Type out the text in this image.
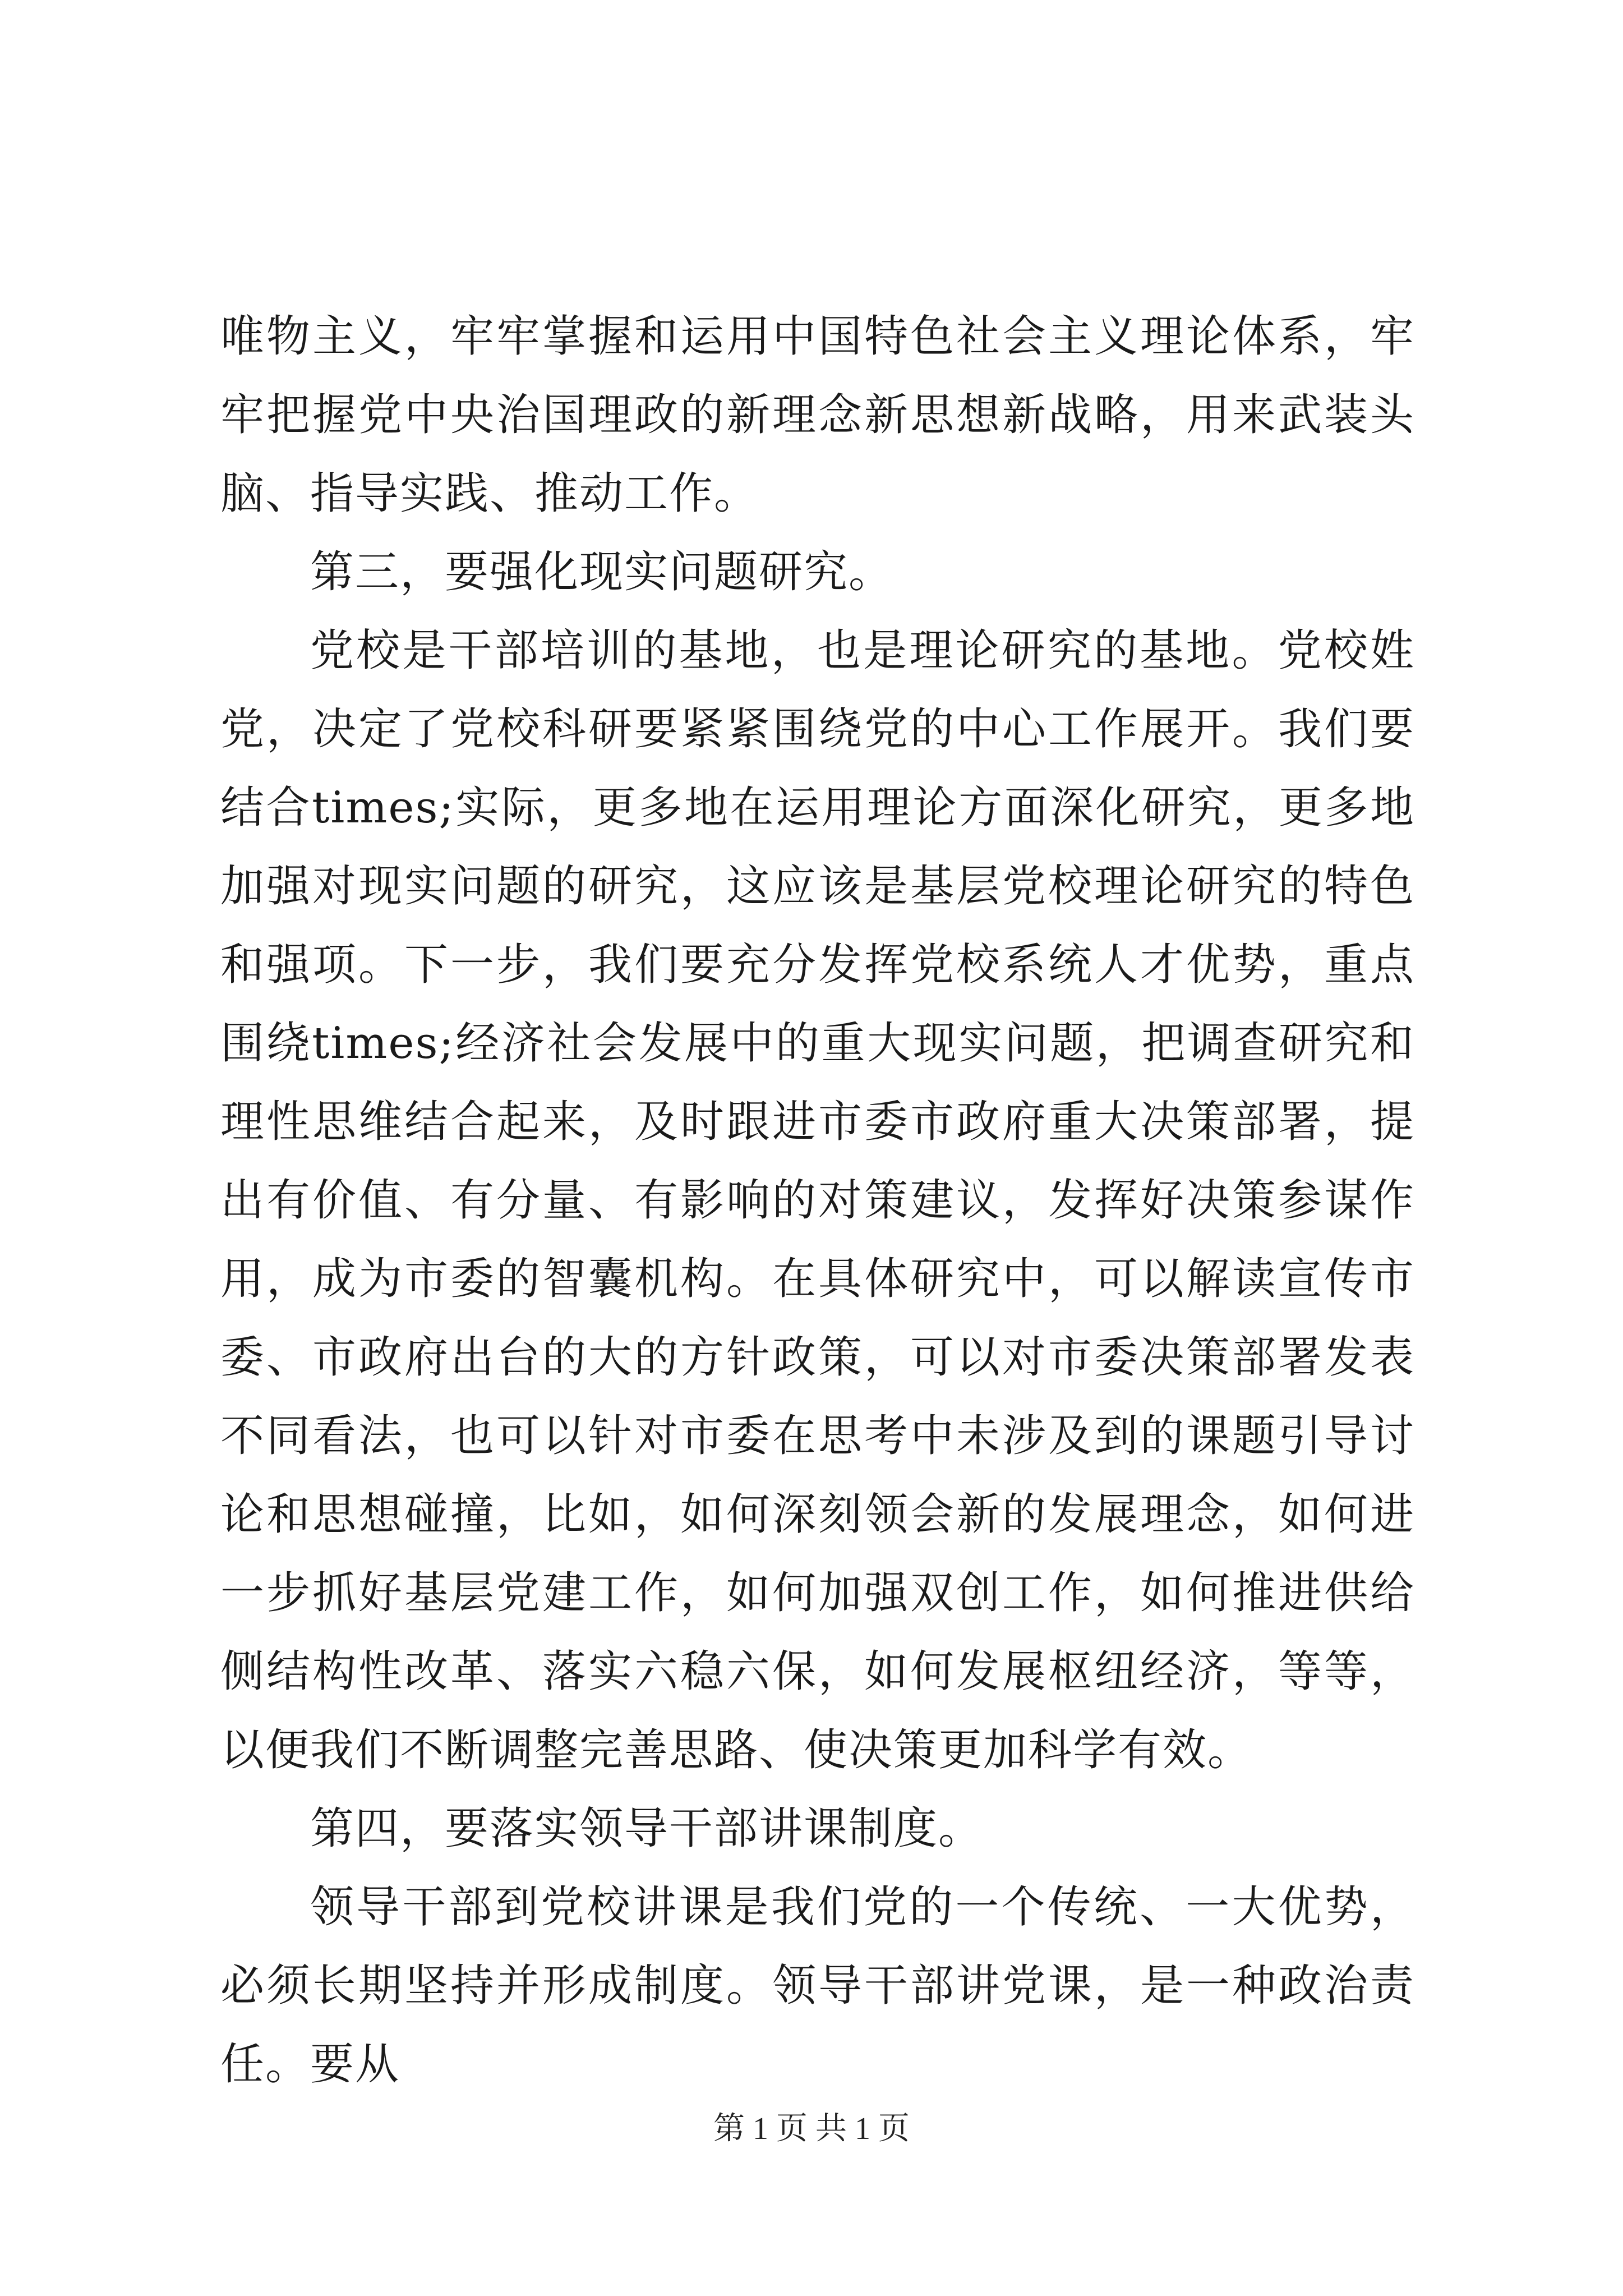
唯物主义，牢牢掌握和运用中国特色社会主义理论体系，牢牢把握党中央治国理政的新理念新思想新战略，用来武装头脑、指导实践、推动工作。

第三，要强化现实问题研究。

党校是干部培训的基地，也是理论研究的基地。党校姓党，决定了党校科研要紧紧围绕党的中心工作展开。我们要结合times;实际，更多地在运用理论方面深化研究，更多地加强对现实问题的研究，这应该是基层党校理论研究的特色和强项。下一步，我们要充分发挥党校系统人才优势，重点围绕times;经济社会发展中的重大现实问题，把调查研究和理性思维结合起来，及时跟进市委市政府重大决策部署，提出有价值、有分量、有影响的对策建议，发挥好决策参谋作用，成为市委的智囊机构。在具体研究中，可以解读宣传市委、市政府出台的大的方针政策，可以对市委决策部署发表不同看法，也可以针对市委在思考中未涉及到的课题引导讨论和思想碰撞，比如，如何深刻领会新的发展理念，如何进一步抓好基层党建工作，如何加强双创工作，如何推进供给侧结构性改革、落实六稳六保，如何发展枢纽经济，等等，以便我们不断调整完善思路、使决策更加科学有效。

第四，要落实领导干部讲课制度。

领导干部到党校讲课是我们党的一个传统、一大优势，必须长期坚持并形成制度。领导干部讲党课，是一种政治责任。要从

第 1 页 共 1 页
